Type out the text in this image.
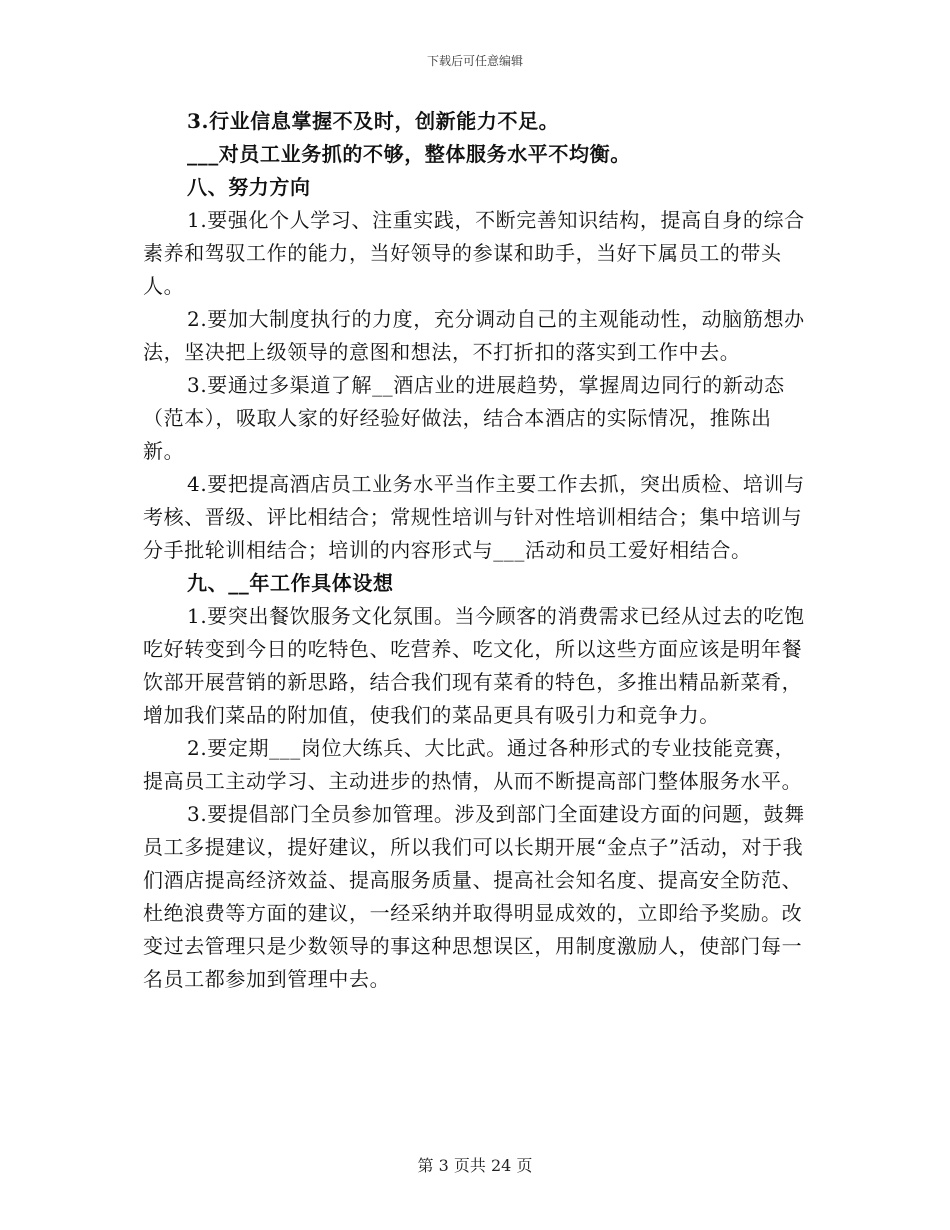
下载后可任意编辑

3.行业信息掌握不及时，创新能力不足。

___对员工业务抓的不够，整体服务水平不均衡。

八、努力方向

1.要强化个人学习、注重实践，不断完善知识结构，提高自身的综合素养和驾驭工作的能力，当好领导的参谋和助手，当好下属员工的带头人。

2.要加大制度执行的力度，充分调动自己的主观能动性，动脑筋想办法，坚决把上级领导的意图和想法，不打折扣的落实到工作中去。

3.要通过多渠道了解__酒店业的进展趋势，掌握周边同行的新动态（范本），吸取人家的好经验好做法，结合本酒店的实际情况，推陈出新。

4.要把提高酒店员工业务水平当作主要工作去抓，突出质检、培训与考核、晋级、评比相结合；常规性培训与针对性培训相结合；集中培训与分手批轮训相结合；培训的内容形式与___活动和员工爱好相结合。

九、__年工作具体设想

1.要突出餐饮服务文化氛围。当今顾客的消费需求已经从过去的吃饱吃好转变到今日的吃特色、吃营养、吃文化，所以这些方面应该是明年餐饮部开展营销的新思路，结合我们现有菜肴的特色，多推出精品新菜肴，增加我们菜品的附加值，使我们的菜品更具有吸引力和竞争力。

2.要定期___岗位大练兵、大比武。通过各种形式的专业技能竞赛，提高员工主动学习、主动进步的热情，从而不断提高部门整体服务水平。

3.要提倡部门全员参加管理。涉及到部门全面建设方面的问题，鼓舞员工多提建议，提好建议，所以我们可以长期开展“金点子”活动，对于我们酒店提高经济效益、提高服务质量、提高社会知名度、提高安全防范、杜绝浪费等方面的建议，一经采纳并取得明显成效的，立即给予奖励。改变过去管理只是少数领导的事这种思想误区，用制度激励人，使部门每一名员工都参加到管理中去。

第 3 页共 24 页
